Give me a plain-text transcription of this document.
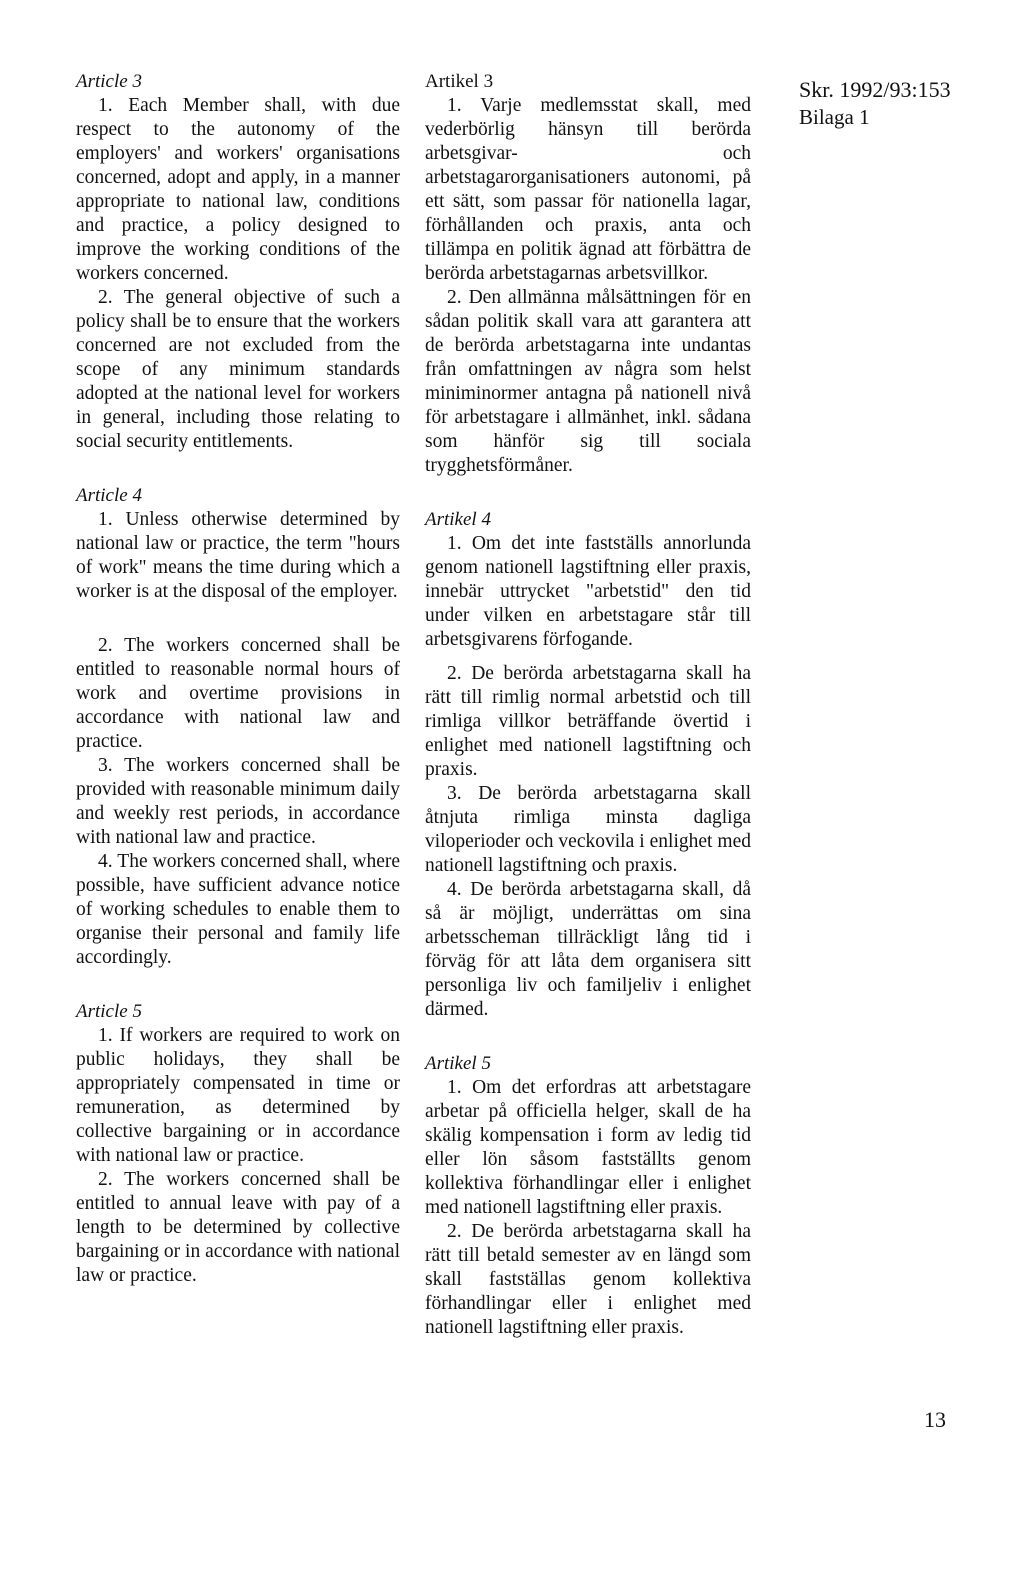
Article 3

1. Each Member shall, with due respect to the autonomy of the employers' and workers' organisations concerned, adopt and apply, in a manner appropriate to national law, conditions and practice, a policy designed to improve the working conditions of the workers concerned.

2. The general objective of such a policy shall be to ensure that the workers concerned are not excluded from the scope of any minimum standards adopted at the national level for workers in general, including those relating to social security entitlements.

Article 4

1. Unless otherwise determined by national law or practice, the term "hours of work" means the time during which a worker is at the disposal of the employer.

2. The workers concerned shall be entitled to reasonable normal hours of work and overtime provisions in accordance with national law and practice.

3. The workers concerned shall be provided with reasonable minimum daily and weekly rest periods, in accordance with national law and practice.

4. The workers concerned shall, where possible, have sufficient advance notice of working schedules to enable them to organise their personal and family life accordingly.

Article 5

1. If workers are required to work on public holidays, they shall be appropriately compensated in time or remuneration, as determined by collective bargaining or in accordance with national law or practice.

2. The workers concerned shall be entitled to annual leave with pay of a length to be determined by collective bargaining or in accordance with national law or practice.

Artikel 3

1. Varje medlemsstat skall, med vederbörlig hänsyn till berörda arbetsgivar- och arbetstagarorganisationers autonomi, på ett sätt, som passar för nationella lagar, förhållanden och praxis, anta och tillämpa en politik ägnad att förbättra de berörda arbetstagarnas arbetsvillkor.

2. Den allmänna målsättningen för en sådan politik skall vara att garantera att de berörda arbetstagarna inte undantas från omfattningen av några som helst miniminormer antagna på nationell nivå för arbetstagare i allmänhet, inkl. sådana som hänför sig till sociala trygghetsförmåner.

Artikel 4

1. Om det inte fastställs annorlunda genom nationell lagstiftning eller praxis, innebär uttrycket "arbetstid" den tid under vilken en arbetstagare står till arbetsgivarens förfogande.

2. De berörda arbetstagarna skall ha rätt till rimlig normal arbetstid och till rimliga villkor beträffande övertid i enlighet med nationell lagstiftning och praxis.

3. De berörda arbetstagarna skall åtnjuta rimliga minsta dagliga viloperioder och veckovila i enlighet med nationell lagstiftning och praxis.

4. De berörda arbetstagarna skall, då så är möjligt, underrättas om sina arbetsscheman tillräckligt lång tid i förväg för att låta dem organisera sitt personliga liv och familjeliv i enlighet därmed.

Artikel 5

1. Om det erfordras att arbetstagare arbetar på officiella helger, skall de ha skälig kompensation i form av ledig tid eller lön såsom fastställts genom kollektiva förhandlingar eller i enlighet med nationell lagstiftning eller praxis.

2. De berörda arbetstagarna skall ha rätt till betald semester av en längd som skall fastställas genom kollektiva förhandlingar eller i enlighet med nationell lagstiftning eller praxis.

Skr. 1992/93:153

Bilaga 1

13
